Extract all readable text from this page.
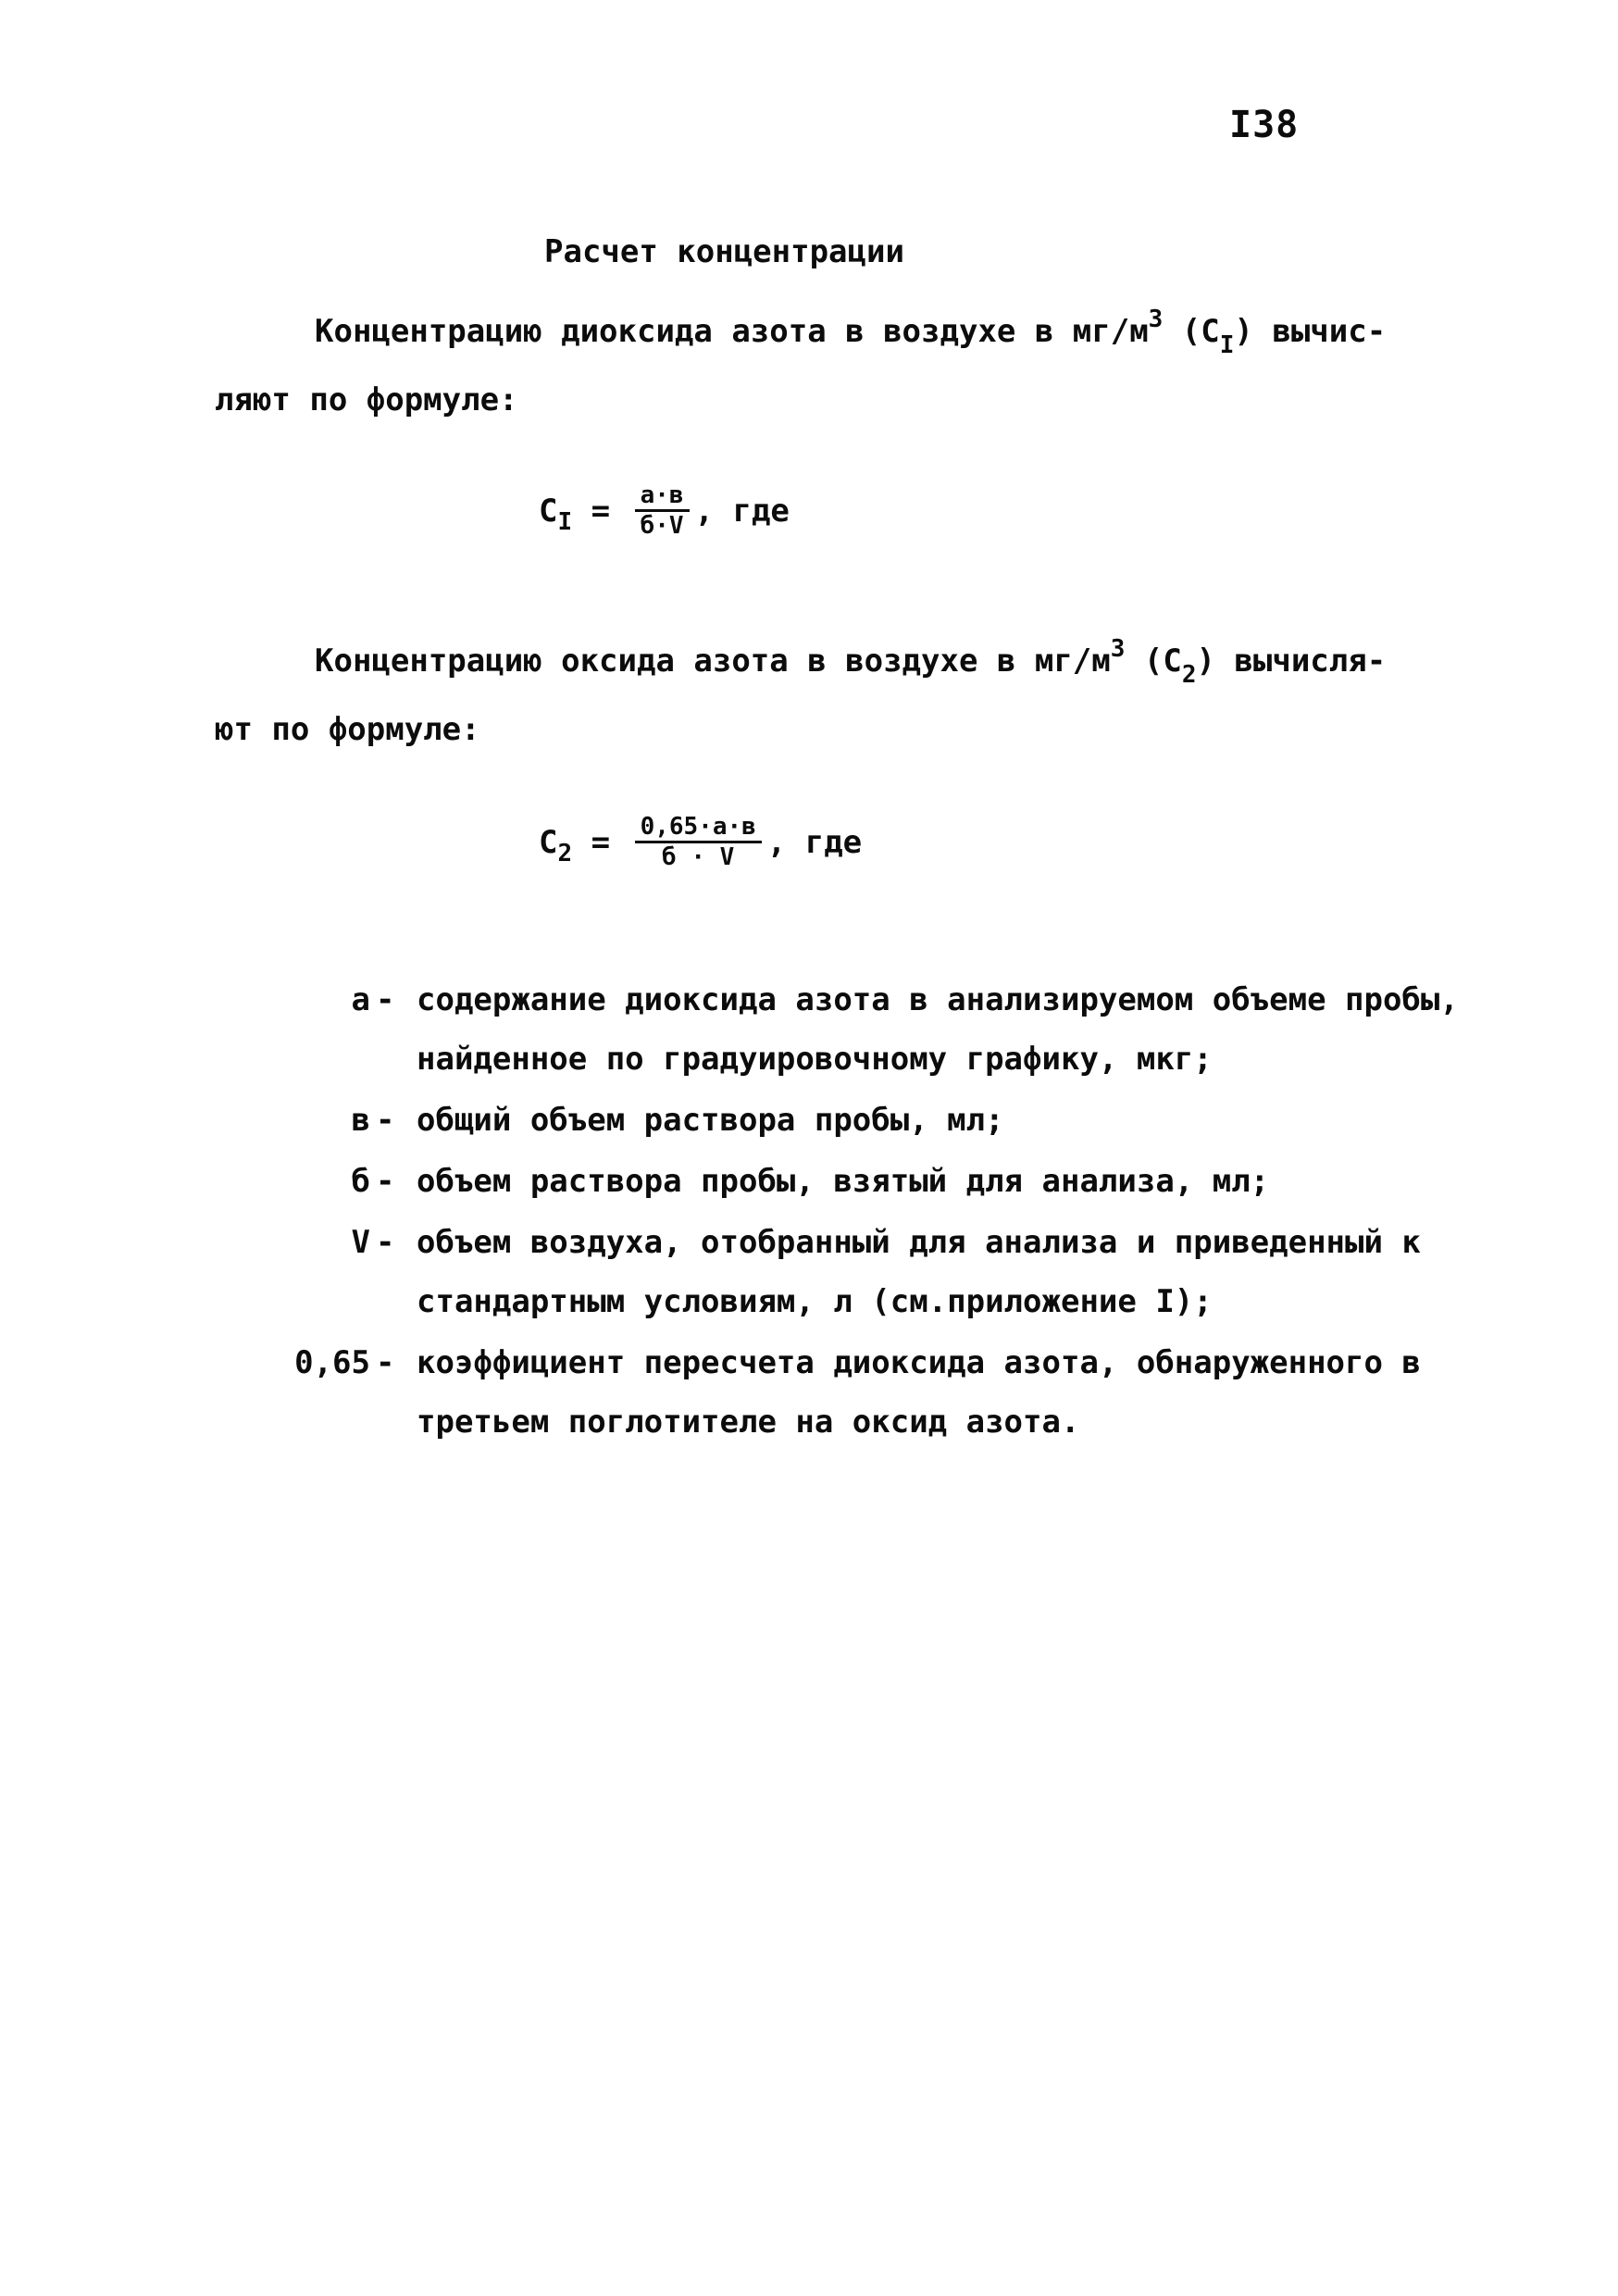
I38
Расчет концентрации
Концентрацию диоксида азота в воздухе в $мг/м^3$ $(С_I)$ вычис-
ляют по формуле:
С $I = \frac{а\cdot в}{б\cdot V}$ , где
Концентрацию оксида азота в воздухе в $мг/м^3$ $(С_2)$ вычисля-
ют по формуле:
С $2 = \frac{0,65\cdot а\cdot в}{б \cdot V}$ , где
а - содержание диоксида азота в анализируемом объеме пробы,
найденное по градуировочному графику, мкг;
в - общий объем раствора пробы, мл;
б - объем раствора пробы, взятый для анализа, мл;
V - объем воздуха, отобранный для анализа и приведенный к
стандартным условиям, л (см.приложение I);
0,65 - коэффициент пересчета диоксида азота, обнаруженного в
третьем поглотителе на оксид азота.
